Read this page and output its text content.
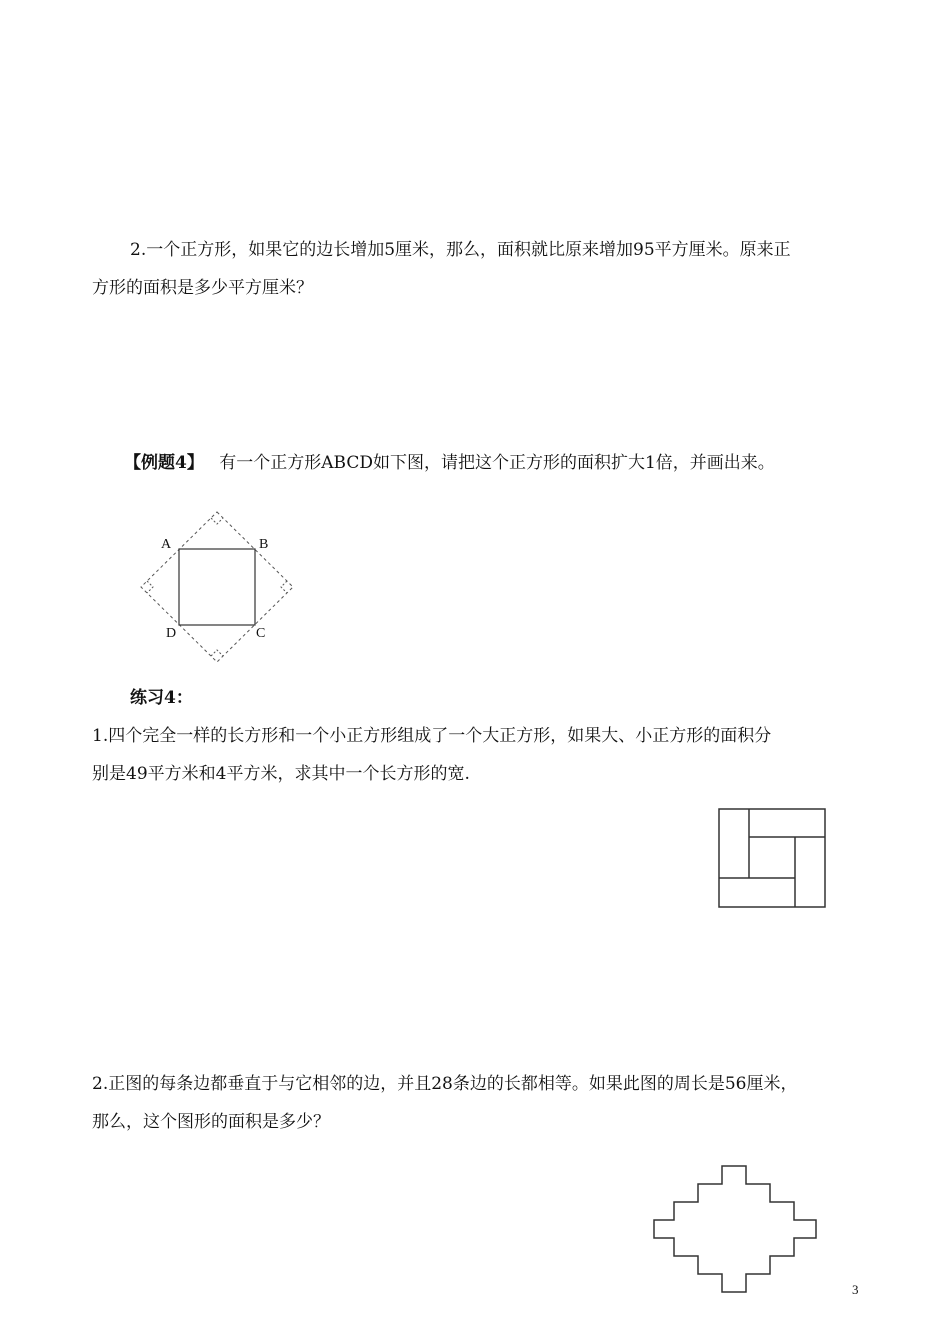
2.一个正方形，如果它的边长增加5厘米，那么，面积就比原来增加95平方厘米。原来正
方形的面积是多少平方厘米？
【例题4】 有一个正方形ABCD如下图，请把这个正方形的面积扩大1倍，并画出来。
A	B
D	C
练习4：
1.四个完全一样的长方形和一个小正方形组成了一个大正方形，如果大、小正方形的面积分
别是49平方米和4平方米，求其中一个长方形的宽.
2.正图的每条边都垂直于与它相邻的边，并且28条边的长都相等。如果此图的周长是56厘米，
那么，这个图形的面积是多少？
3
